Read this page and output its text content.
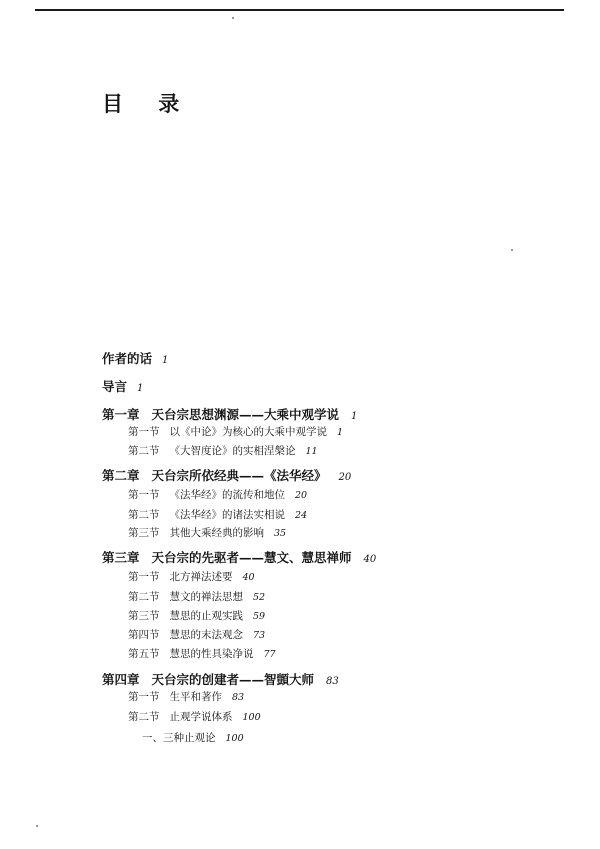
目 录
作者的话 1
导言 1
第一章 天台宗思想渊源——大乘中观学说 1
第一节 以《中论》为核心的大乘中观学说 1
第二节 《大智度论》的实相涅槃论 11
第二章 天台宗所依经典——《法华经》 20
第一节 《法华经》的流传和地位 20
第二节 《法华经》的诸法实相说 24
第三节 其他大乘经典的影响 35
第三章 天台宗的先驱者——慧文、慧思禅师 40
第一节 北方禅法述要 40
第二节 慧文的禅法思想 52
第三节 慧思的止观实践 59
第四节 慧思的末法观念 73
第五节 慧思的性具染净说 77
第四章 天台宗的创建者——智顗大师 83
第一节 生平和著作 83
第二节 止观学说体系 100
一、三种止观论 100
